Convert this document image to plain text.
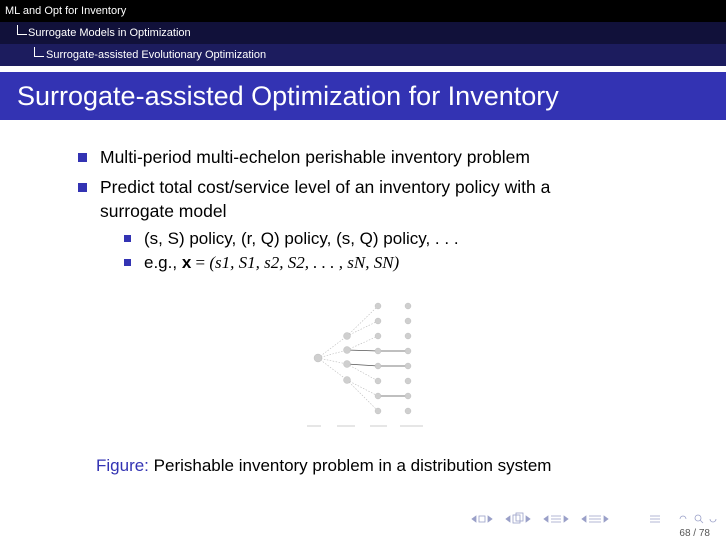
ML and Opt for Inventory
Surrogate Models in Optimization
Surrogate-assisted Evolutionary Optimization
Surrogate-assisted Optimization for Inventory
Multi-period multi-echelon perishable inventory problem
Predict total cost/service level of an inventory policy with a
surrogate model
(s, S) policy, (r, Q) policy, (s, Q) policy, . . .
e.g., x = (s1, S1, s2, S2, . . . , sN, SN)
Figure: Perishable inventory problem in a distribution system
68 / 78
